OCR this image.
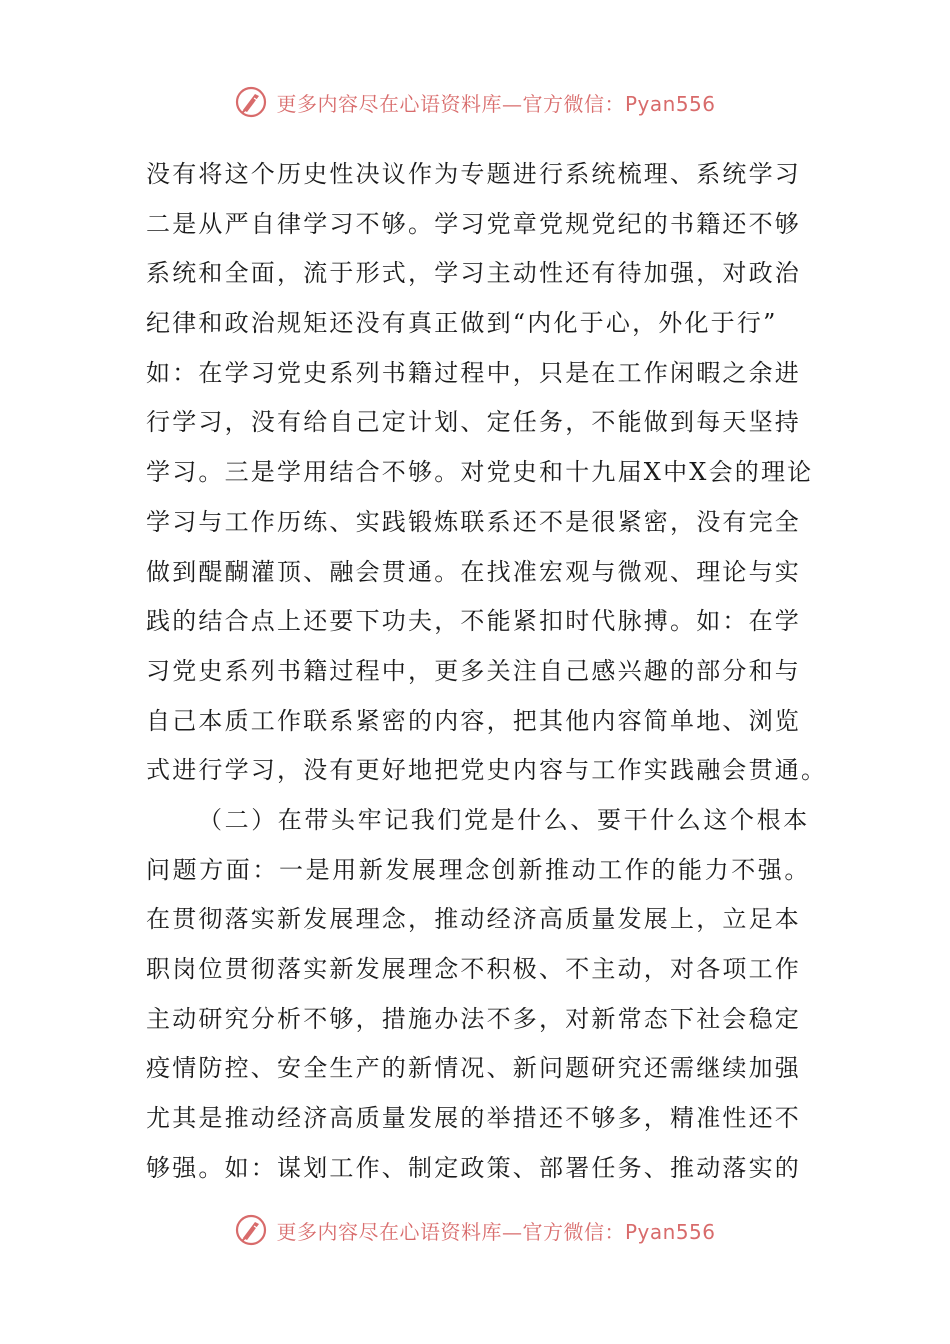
更多内容尽在心语资料库—官方微信：Pyan556
没有将这个历史性决议作为专题进行系统梳理、系统学习
二是从严自律学习不够。学习党章党规党纪的书籍还不够
系统和全面，流于形式，学习主动性还有待加强，对政治
纪律和政治规矩还没有真正做到“内化于心，外化于行”
如：在学习党史系列书籍过程中，只是在工作闲暇之余进
行学习，没有给自己定计划、定任务，不能做到每天坚持
学习。三是学用结合不够。对党史和十九届X中X会的理论
学习与工作历练、实践锻炼联系还不是很紧密，没有完全
做到醍醐灌顶、融会贯通。在找准宏观与微观、理论与实
践的结合点上还要下功夫，不能紧扣时代脉搏。如：在学
习党史系列书籍过程中，更多关注自己感兴趣的部分和与
自己本质工作联系紧密的内容，把其他内容简单地、浏览
式进行学习，没有更好地把党史内容与工作实践融会贯通。
（二）在带头牢记我们党是什么、要干什么这个根本
问题方面：一是用新发展理念创新推动工作的能力不强。
在贯彻落实新发展理念，推动经济高质量发展上，立足本
职岗位贯彻落实新发展理念不积极、不主动，对各项工作
主动研究分析不够，措施办法不多，对新常态下社会稳定
疫情防控、安全生产的新情况、新问题研究还需继续加强
尤其是推动经济高质量发展的举措还不够多，精准性还不
够强。如：谋划工作、制定政策、部署任务、推动落实的
更多内容尽在心语资料库—官方微信：Pyan556
